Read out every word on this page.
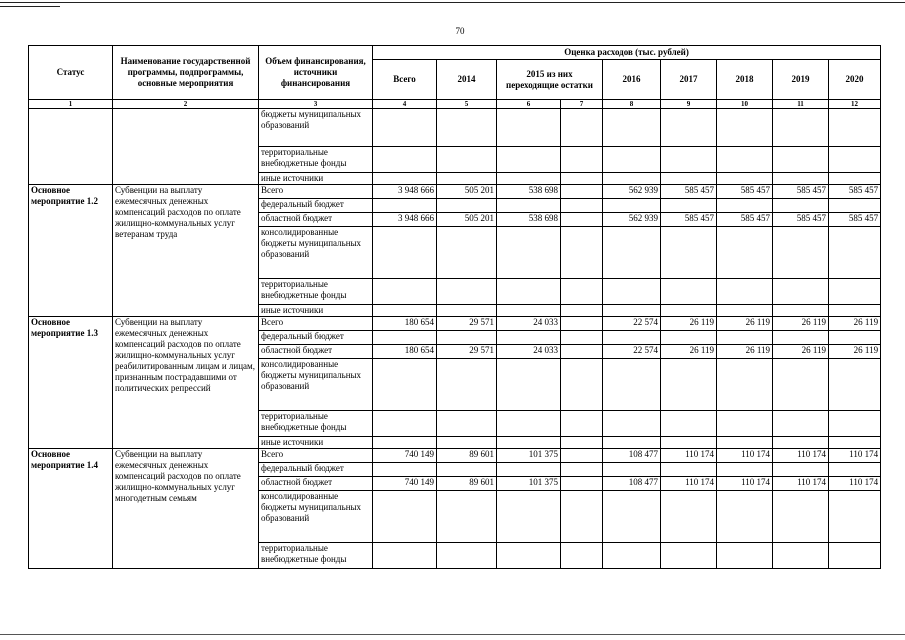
70
Статус	Наименование государственной программы, подпрограммы, основные мероприятия	Объем финансирования, источники финансирования	Оценка расходов (тыс. рублей)								
			Всего	2014	2015 из них переходящие остатки		2016	2017	2018	2019	2020
1	2	3	4	5	6	7	8	9	10	11	12
		бюджеты муниципальных образований									
		территориальные внебюджетные фонды									
		иные источники									
Основное мероприятие 1.2	Субвенции на выплату ежемесячных денежных компенсаций расходов по оплате жилищно-коммунальных услуг ветеранам труда	Всего	3 948 666	505 201	538 698		562 939	585 457	585 457	585 457	585 457
		федеральный бюджет									
		областной бюджет	3 948 666	505 201	538 698		562 939	585 457	585 457	585 457	585 457
		консолидированные бюджеты муниципальных образований									
		территориальные внебюджетные фонды									
		иные источники									
Основное мероприятие 1.3	Субвенции на выплату ежемесячных денежных компенсаций расходов по оплате жилищно-коммунальных услуг реабилитированным лицам и лицам, признанным пострадавшими от политических репрессий	Всего	180 654	29 571	24 033		22 574	26 119	26 119	26 119	26 119
		федеральный бюджет									
		областной бюджет	180 654	29 571	24 033		22 574	26 119	26 119	26 119	26 119
		консолидированные бюджеты муниципальных образований									
		территориальные внебюджетные фонды									
		иные источники									
Основное мероприятие 1.4	Субвенции на выплату ежемесячных денежных компенсаций расходов по оплате жилищно-коммунальных услуг многодетным семьям	Всего	740 149	89 601	101 375		108 477	110 174	110 174	110 174	110 174
		федеральный бюджет									
		областной бюджет	740 149	89 601	101 375		108 477	110 174	110 174	110 174	110 174
		консолидированные бюджеты муниципальных образований									
		территориальные внебюджетные фонды									
